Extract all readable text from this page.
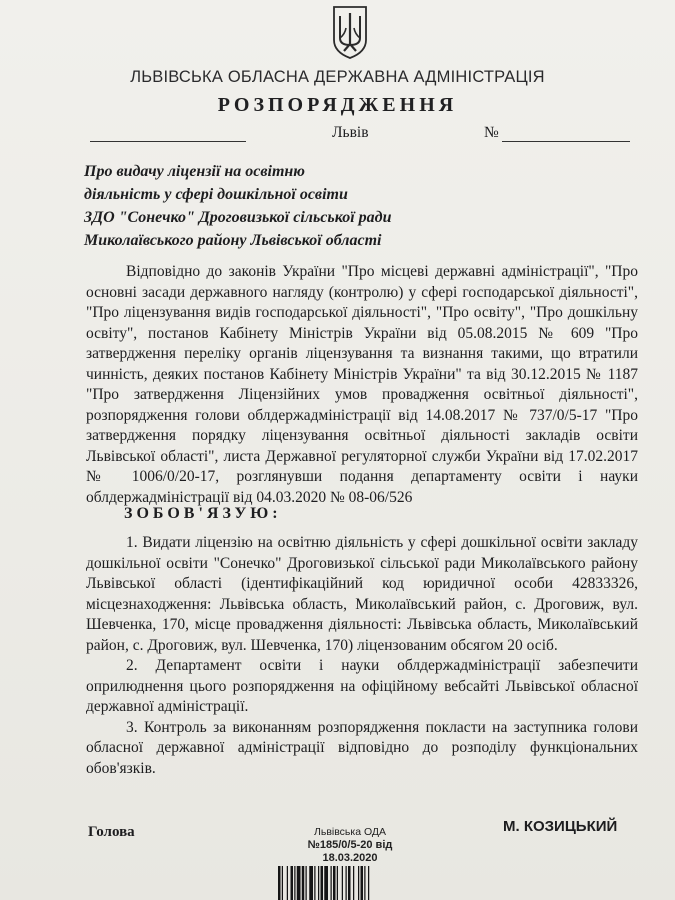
ЛЬВІВСЬКА ОБЛАСНА ДЕРЖАВНА АДМІНІСТРАЦІЯ
РОЗПОРЯДЖЕННЯ
Львів	№
Про видачу ліцензії на освітню
діяльність у сфері дошкільної освіти
ЗДО "Сонечко" Дроговизької сільської ради
Миколаївського району Львівської області
Відповідно до законів України "Про місцеві державні адміністрації", "Про основні засади державного нагляду (контролю) у сфері господарської діяльності", "Про ліцензування видів господарської діяльності", "Про освіту", "Про дошкільну освіту", постанов Кабінету Міністрів України від 05.08.2015 № 609 "Про затвердження переліку органів ліцензування та визнання такими, що втратили чинність, деяких постанов Кабінету Міністрів України" та від 30.12.2015 № 1187 "Про затвердження Ліцензійних умов провадження освітньої діяльності", розпорядження голови облдержадміністрації від 14.08.2017 № 737/0/5-17 "Про затвердження порядку ліцензування освітньої діяльності закладів освіти Львівської області", листа Державної регуляторної служби України від 17.02.2017 № 1006/0/20-17, розглянувши подання департаменту освіти і науки облдержадміністрації від 04.03.2020 № 08-06/526
ЗОБОВ'ЯЗУЮ:

1. Видати ліцензію на освітню діяльність у сфері дошкільної освіти закладу дошкільної освіти "Сонечко" Дроговизької сільської ради Миколаївського району Львівської області (ідентифікаційний код юридичної особи 42833326, місцезнаходження: Львівська область, Миколаївський район, с. Дроговиж, вул. Шевченка, 170, місце провадження діяльності: Львівська область, Миколаївський район, с. Дроговиж, вул. Шевченка, 170) ліцензованим обсягом 20 осіб.

2. Департамент освіти і науки облдержадміністрації забезпечити оприлюднення цього розпорядження на офіційному вебсайті Львівської обласної державної адміністрації.

3. Контроль за виконанням розпорядження покласти на заступника голови обласної державної адміністрації відповідно до розподілу функціональних обов'язків.

Голова	Львівська ОДА
№185/0/5-20 від
18.03.2020
М. КОЗИЦЬКИЙ
